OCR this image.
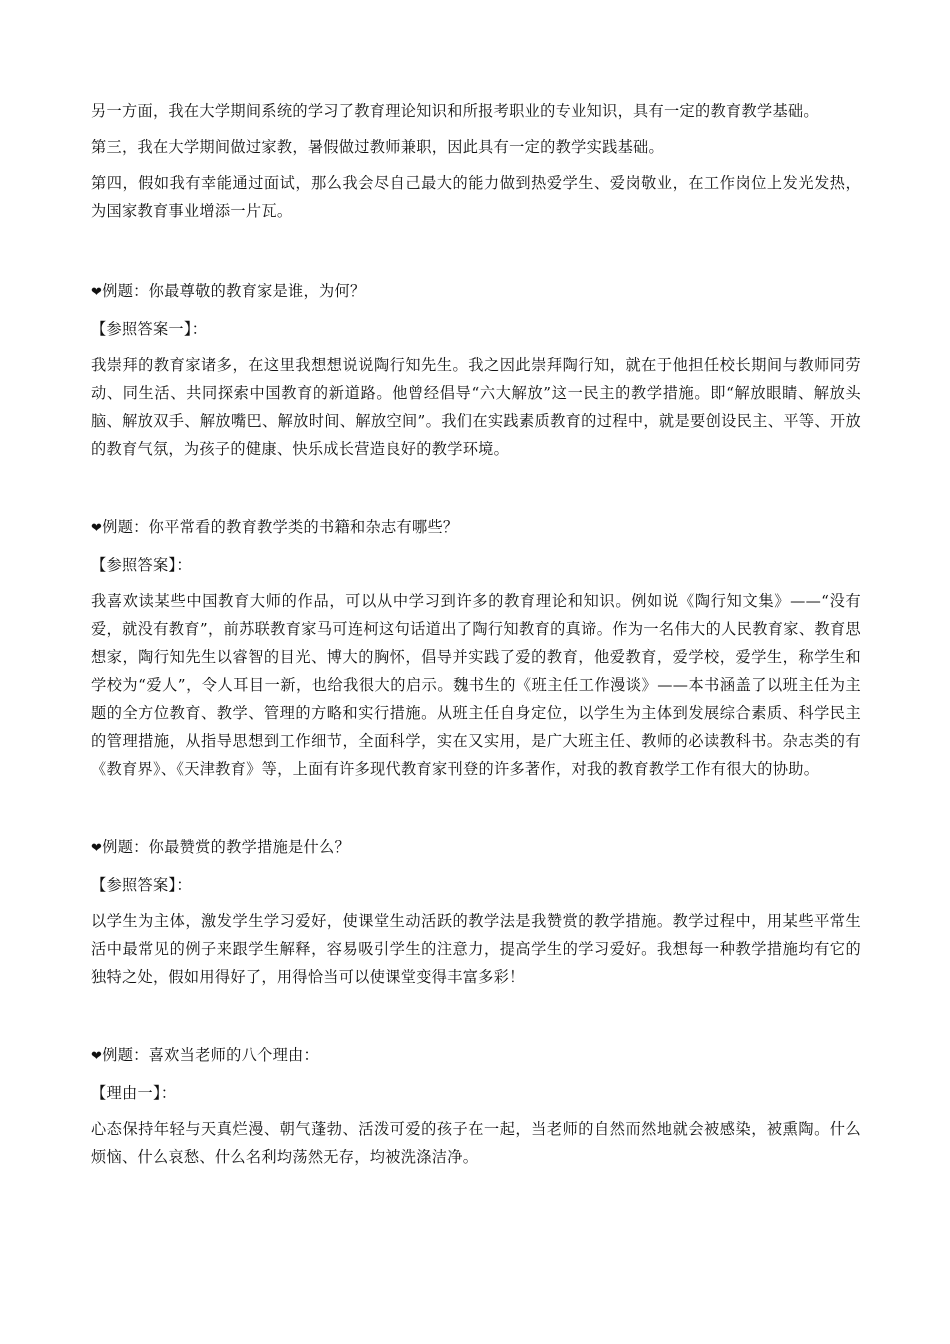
另一方面，我在大学期间系统的学习了教育理论知识和所报考职业的专业知识，具有一定的教育教学基础。

第三，我在大学期间做过家教，暑假做过教师兼职，因此具有一定的教学实践基础。

第四，假如我有幸能通过面试，那么我会尽自己最大的能力做到热爱学生、爱岗敬业，在工作岗位上发光发热，为国家教育事业增添一片瓦。

❤例题：你最尊敬的教育家是谁，为何？

【参照答案一】：

我崇拜的教育家诸多，在这里我想想说说陶行知先生。我之因此崇拜陶行知，就在于他担任校长期间与教师同劳动、同生活、共同探索中国教育的新道路。他曾经倡导“六大解放”这一民主的教学措施。即“解放眼睛、解放头脑、解放双手、解放嘴巴、解放时间、解放空间”。我们在实践素质教育的过程中，就是要创设民主、平等、开放的教育气氛，为孩子的健康、快乐成长营造良好的教学环境。

❤例题：你平常看的教育教学类的书籍和杂志有哪些？

【参照答案】：

我喜欢读某些中国教育大师的作品，可以从中学习到许多的教育理论和知识。例如说《陶行知文集》——“没有爱，就没有教育”，前苏联教育家马可连柯这句话道出了陶行知教育的真谛。作为一名伟大的人民教育家、教育思想家，陶行知先生以睿智的目光、博大的胸怀，倡导并实践了爱的教育，他爱教育，爱学校，爱学生，称学生和学校为“爱人”，令人耳目一新，也给我很大的启示。魏书生的《班主任工作漫谈》——本书涵盖了以班主任为主题的全方位教育、教学、管理的方略和实行措施。从班主任自身定位，以学生为主体到发展综合素质、科学民主的管理措施，从指导思想到工作细节，全面科学，实在又实用，是广大班主任、教师的必读教科书。杂志类的有《教育界》、《天津教育》等，上面有许多现代教育家刊登的许多著作，对我的教育教学工作有很大的协助。

❤例题：你最赞赏的教学措施是什么？

【参照答案】：

以学生为主体，激发学生学习爱好，使课堂生动活跃的教学法是我赞赏的教学措施。教学过程中，用某些平常生活中最常见的例子来跟学生解释，容易吸引学生的注意力，提高学生的学习爱好。我想每一种教学措施均有它的独特之处，假如用得好了，用得恰当可以使课堂变得丰富多彩！

❤例题：喜欢当老师的八个理由：

【理由一】：

心态保持年轻与天真烂漫、朝气蓬勃、活泼可爱的孩子在一起，当老师的自然而然地就会被感染，被熏陶。什么烦恼、什么哀愁、什么名利均荡然无存，均被洗涤洁净。
